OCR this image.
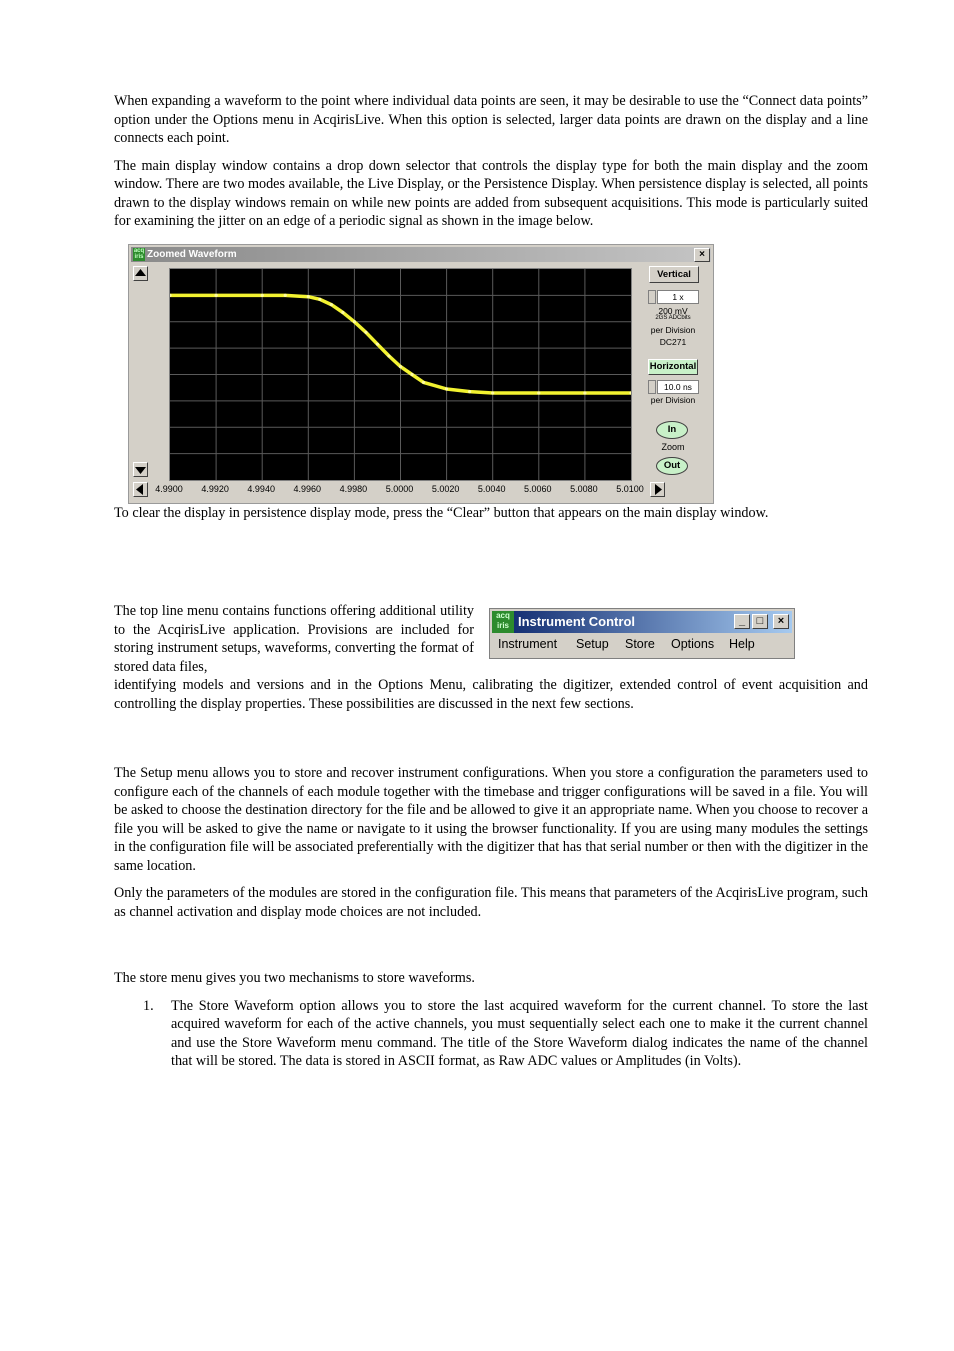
When expanding a waveform to the point where individual data points are seen, it may be desirable to use the “Connect data points” option under the Options menu in AcqirisLive. When this option is selected, larger data points are drawn on the display and a line connects each point.

The main display window contains a drop down selector that controls the display type for both the main display and the zoom window. There are two modes available, the Live Display, or the Persistence Display. When persistence display is selected, all points drawn to the display windows remain on while new points are added from subsequent acquisitions. This mode is particularly suited for examining the jitter on an edge of a periodic signal as shown in the image below.

acq iris Zoomed Waveform	×
4.9900 4.9920 4.9940 4.9960 4.9980 5.0000 5.0020 5.0040 5.0060 5.0080 5.0100
Vertical
1 x
200 mV
2GS ADCbits
per Division
DC271
Horizontal
10.0 ns
per Division
In
Zoom
Out

To clear the display in persistence display mode, press the “Clear” button that appears on the main display window.

The top line menu contains functions offering additional utility to the AcqirisLive application. Provisions are included for storing instrument setups, waveforms, converting the format of stored data files,

acq iris Instrument Control	_	□	×
Instrument Setup Store Options Help

identifying models and versions and in the Options Menu, calibrating the digitizer, extended control of event acquisition and controlling the display properties. These possibilities are discussed in the next few sections.

The Setup menu allows you to store and recover instrument configurations. When you store a configuration the parameters used to configure each of the channels of each module together with the timebase and trigger configurations will be saved in a file. You will be asked to choose the destination directory for the file and be allowed to give it an appropriate name. When you choose to recover a file you will be asked to give the name or navigate to it using the browser functionality. If you are using many modules the settings in the configuration file will be associated preferentially with the digitizer that has that serial number or then with the digitizer in the same location.

Only the parameters of the modules are stored in the configuration file. This means that parameters of the AcqirisLive program, such as channel activation and display mode choices are not included.

The store menu gives you two mechanisms to store waveforms.

1. The Store Waveform option allows you to store the last acquired waveform for the current channel. To store the last acquired waveform for each of the active channels, you must sequentially select each one to make it the current channel and use the Store Waveform menu command. The title of the Store Waveform dialog indicates the name of the channel that will be stored. The data is stored in ASCII format, as Raw ADC values or Amplitudes (in Volts).
